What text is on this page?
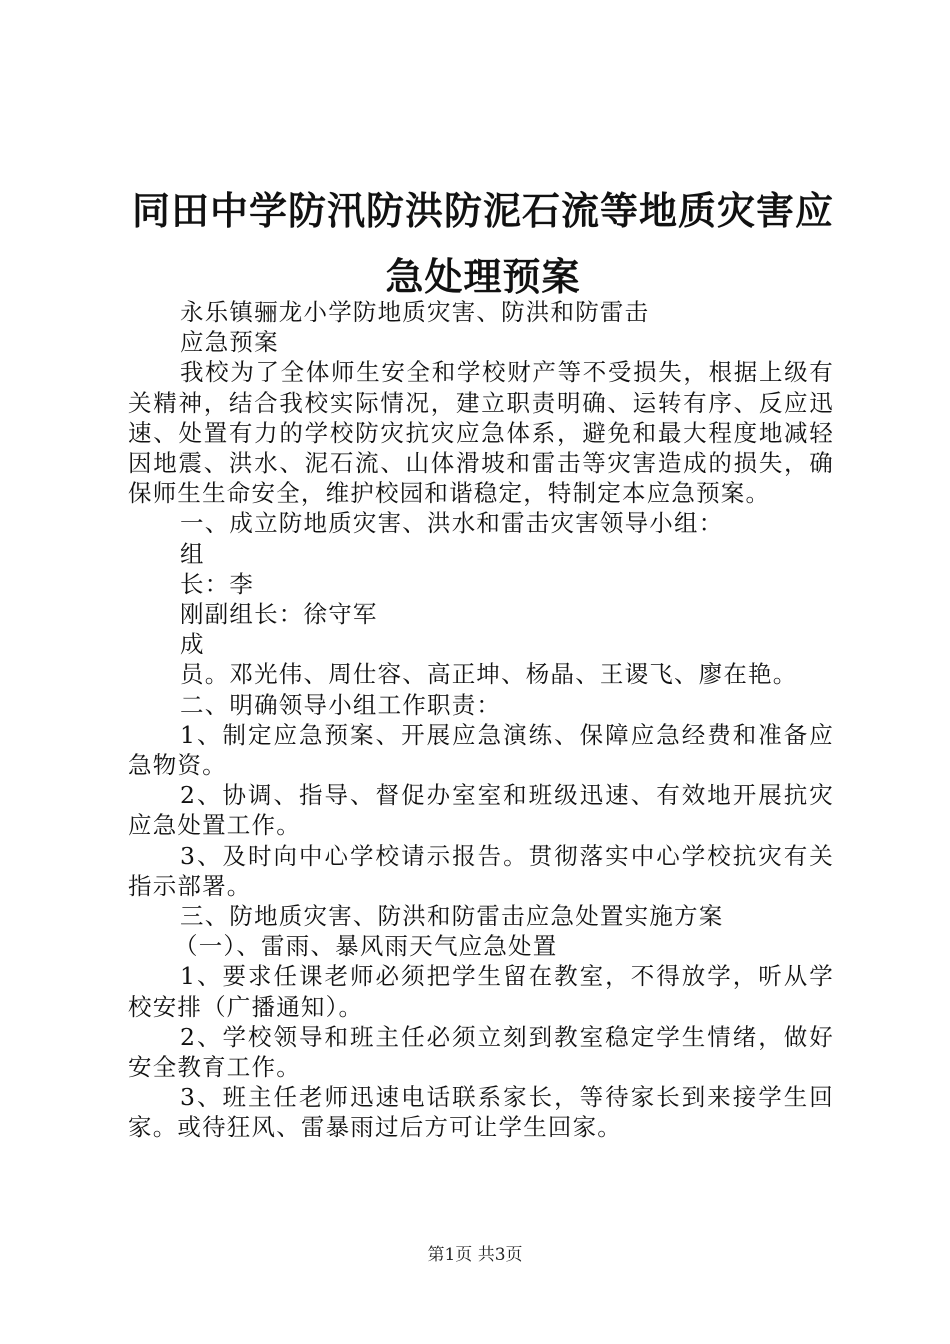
同田中学防汛防洪防泥石流等地质灾害应急处理预案

永乐镇骊龙小学防地质灾害、防洪和防雷击

应急预案

我校为了全体师生安全和学校财产等不受损失，根据上级有关精神，结合我校实际情况，建立职责明确、运转有序、反应迅速、处置有力的学校防灾抗灾应急体系，避免和最大程度地减轻因地震、洪水、泥石流、山体滑坡和雷击等灾害造成的损失，确保师生生命安全，维护校园和谐稳定，特制定本应急预案。

一、成立防地质灾害、洪水和雷击灾害领导小组：

组

长：李

刚副组长：徐守军

成

员。邓光伟、周仕容、高正坤、杨晶、王谡飞、廖在艳。

二、明确领导小组工作职责：

1、制定应急预案、开展应急演练、保障应急经费和准备应急物资。

2、协调、指导、督促办室室和班级迅速、有效地开展抗灾应急处置工作。

3、及时向中心学校请示报告。贯彻落实中心学校抗灾有关指示部署。

三、防地质灾害、防洪和防雷击应急处置实施方案

（一）、雷雨、暴风雨天气应急处置

1、要求任课老师必须把学生留在教室，不得放学，听从学校安排（广播通知）。

2、学校领导和班主任必须立刻到教室稳定学生情绪，做好安全教育工作。

3、班主任老师迅速电话联系家长，等待家长到来接学生回家。或待狂风、雷暴雨过后方可让学生回家。

第1页 共3页
